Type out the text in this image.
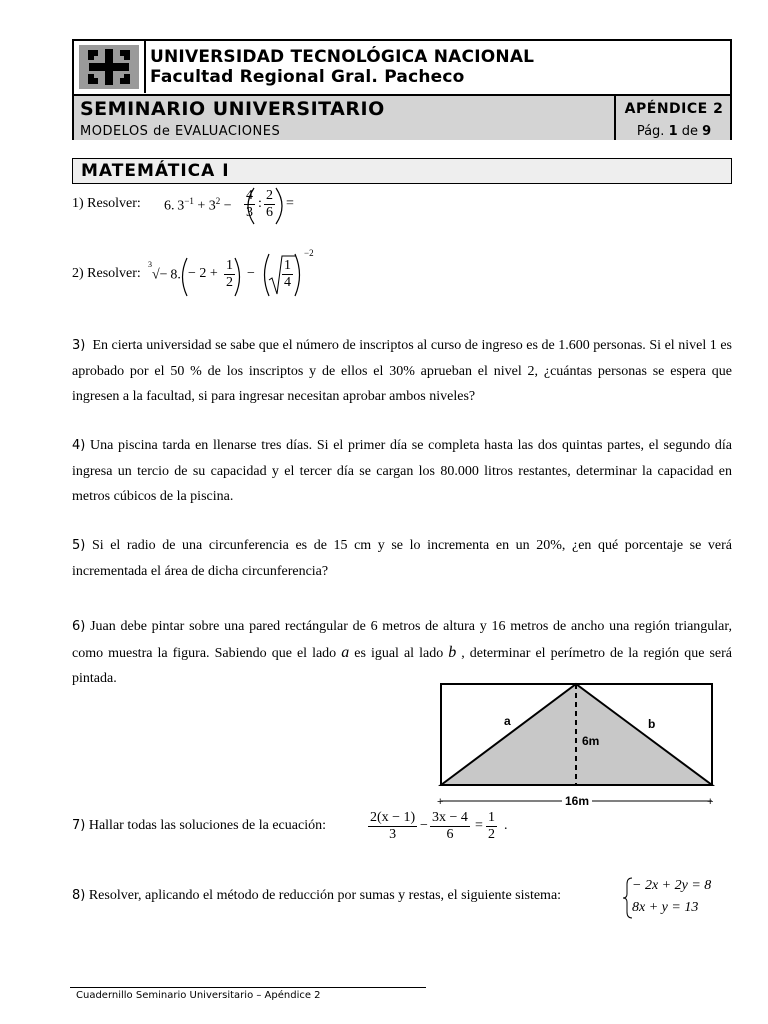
UNIVERSIDAD TECNOLÓGICA NACIONAL
Facultad Regional Gral. Pacheco
SEMINARIO UNIVERSITARIO	APÉNDICE 2
MODELOS de EVALUACIONES	Pág. 1 de 9
MATEMÁTICA I
1) Resolver: 6. $3^{-1} + 3^2 - \frac{4}{3}$ : $\frac{2}{6}$ =
2) Resolver:
$^3$√− 8. − $2 + \frac{1}{2} - \frac{1}{4}$
−2
3) En cierta universidad se sabe que el número de inscriptos al curso de ingreso es de 1.600 personas. Si el nivel 1 es aprobado por el 50 % de los inscriptos y de ellos el 30% aprueban el nivel 2, ¿cuántas personas se espera que ingresen a la facultad, si para ingresar necesitan aprobar ambos niveles?
4) Una piscina tarda en llenarse tres días. Si el primer día se completa hasta las dos quintas partes, el segundo día ingresa un tercio de su capacidad y el tercer día se cargan los 80.000 litros restantes, determinar la capacidad en metros cúbicos de la piscina.
5) Si el radio de una circunferencia es de 15 cm y se lo incrementa en un 20%, ¿en qué porcentaje se verá incrementada el área de dicha circunferencia?
6) Juan debe pintar sobre una pared rectángular de 6 metros de altura y 16 metros de ancho una región triangular, como muestra la figura. Sabiendo que el lado a es igual al lado b , determinar el perímetro de la región que será pintada.
+	+
a	b
6m
16m
7) Hallar todas las soluciones de la ecuación:	$\frac{2(x - 1)}{3} - \frac{3x - 4}{6} = \frac{1}{2}$ .
8) Resolver, aplicando el método de reducción por sumas y restas, el siguiente sistema:
− 2x + 2y = 8
8x + y = 13
Cuadernillo Seminario Universitario – Apéndice 2
